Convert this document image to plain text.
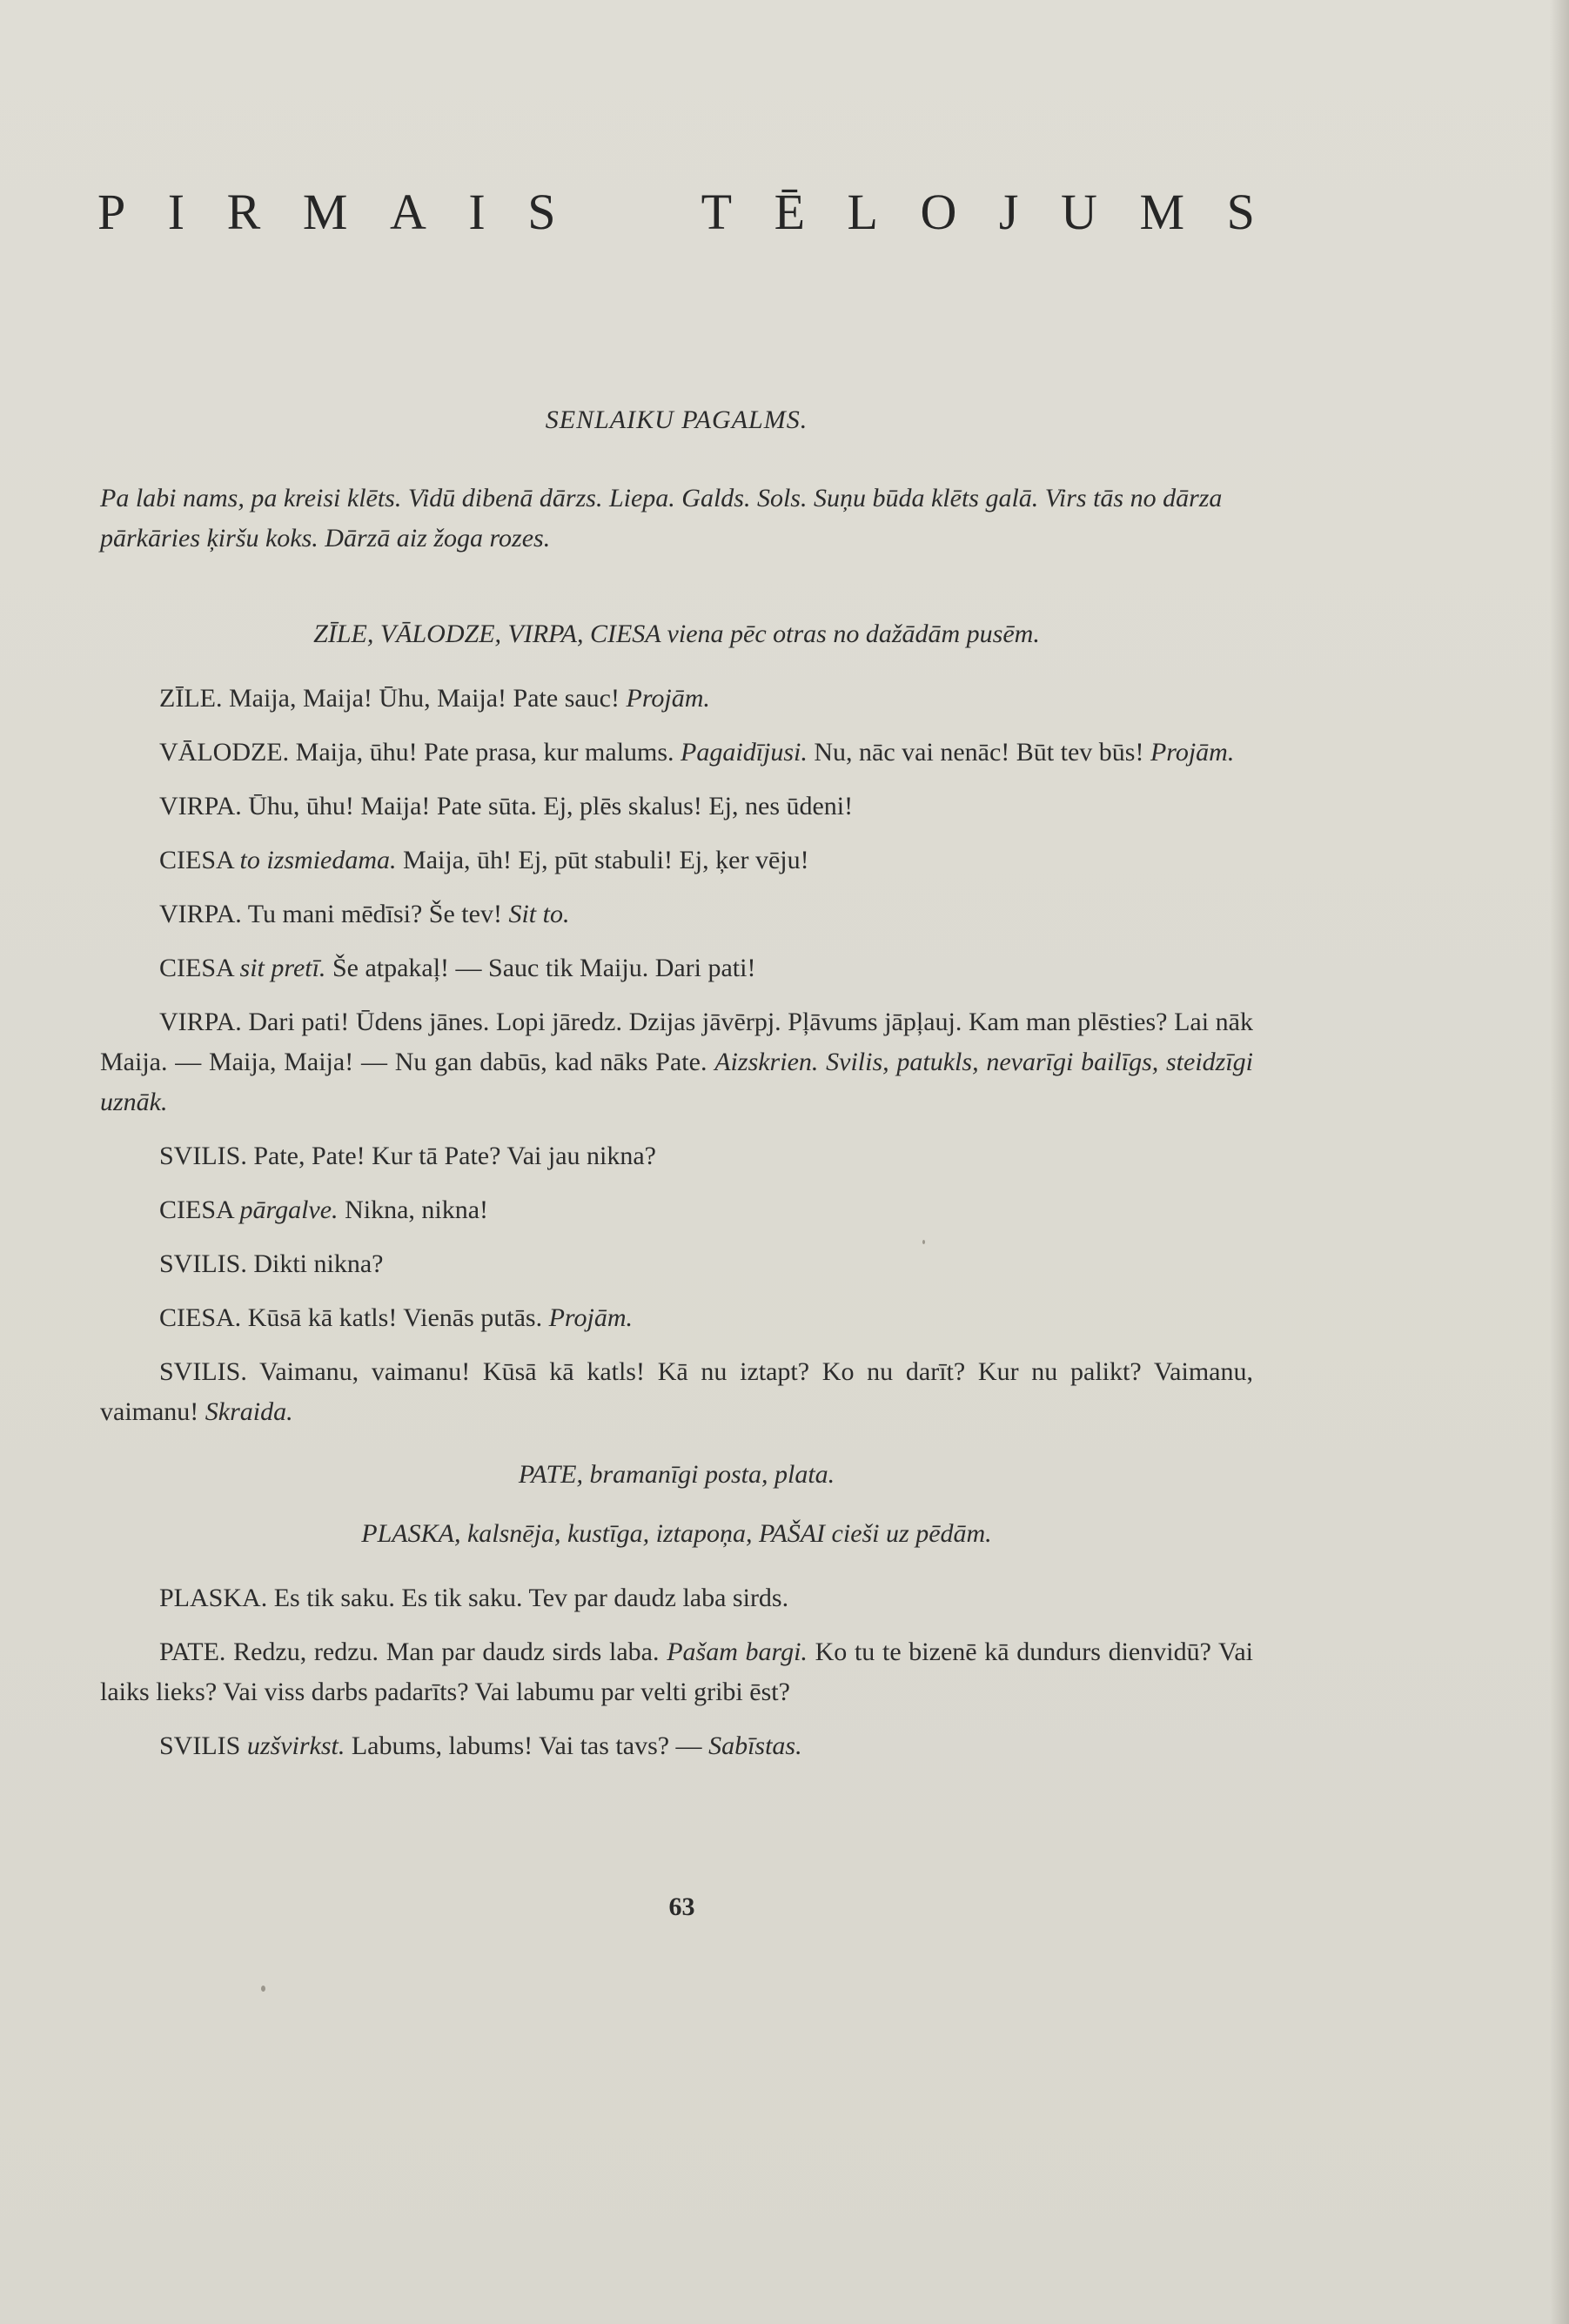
P I R M A I S	T Ē L O J U M S
SENLAIKU PAGALMS.
Pa labi nams, pa kreisi klēts. Vidū dibenā dārzs. Liepa. Galds. Sols. Suņu būda klēts galā. Virs tās no dārza pārkāries ķiršu koks. Dārzā aiz žoga rozes.
ZĪLE, VĀLODZE, VIRPA, CIESA viena pēc otras no dažādām pusēm.
ZĪLE. Maija, Maija! Ūhu, Maija! Pate sauc! Projām.
VĀLODZE. Maija, ūhu! Pate prasa, kur malums. Pagaidījusi. Nu, nāc vai nenāc! Būt tev būs! Projām.
VIRPA. Ūhu, ūhu! Maija! Pate sūta. Ej, plēs skalus! Ej, nes ūdeni!
CIESA to izsmiedama. Maija, ūh! Ej, pūt stabuli! Ej, ķer vēju!
VIRPA. Tu mani mēdīsi? Še tev! Sit to.
CIESA sit pretī. Še atpakaļ! — Sauc tik Maiju. Dari pati!
VIRPA. Dari pati! Ūdens jānes. Lopi jāredz. Dzijas jāvērpj. Pļāvums jāpļauj. Kam man plēsties? Lai nāk Maija. — Maija, Maija! — Nu gan dabūs, kad nāks Pate. Aizskrien. Svilis, patukls, nevarīgi bailīgs, steidzīgi uznāk.
SVILIS. Pate, Pate! Kur tā Pate? Vai jau nikna?
CIESA pārgalve. Nikna, nikna!
SVILIS. Dikti nikna?
CIESA. Kūsā kā katls! Vienās putās. Projām.
SVILIS. Vaimanu, vaimanu! Kūsā kā katls! Kā nu iztapt? Ko nu darīt? Kur nu palikt? Vaimanu, vaimanu! Skraida.
PATE, bramanīgi posta, plata.
PLASKA, kalsnēja, kustīga, iztapoņa, PAŠAI cieši uz pēdām.
PLASKA. Es tik saku. Es tik saku. Tev par daudz laba sirds.
PATE. Redzu, redzu. Man par daudz sirds laba. Pašam bargi. Ko tu te bizenē kā dundurs dienvidū? Vai laiks lieks? Vai viss darbs padarīts? Vai labumu par velti gribi ēst?
SVILIS uzšvirkst. Labums, labums! Vai tas tavs? — Sabīstas.
63
